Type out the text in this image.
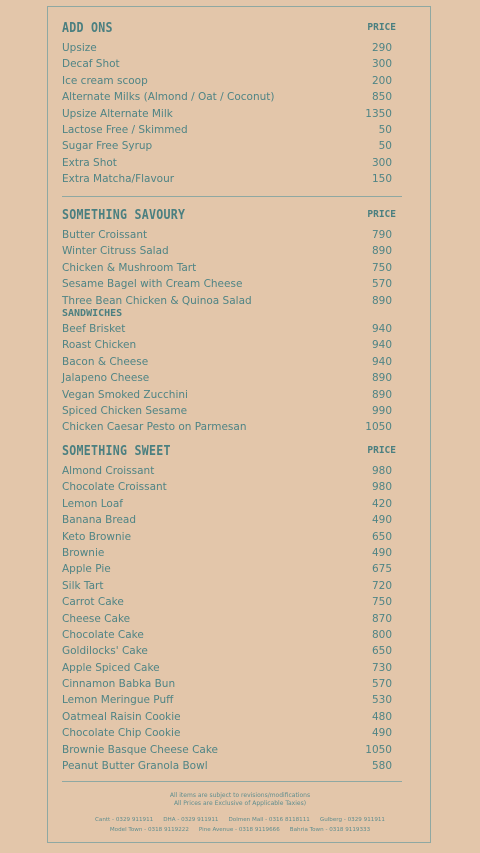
ADD ONS	PRICE
Upsize	290
Decaf Shot	300
Ice cream scoop	200
Alternate Milks (Almond / Oat / Coconut)	850
Upsize Alternate Milk	1350
Lactose Free / Skimmed	50
Sugar Free Syrup	50
Extra Shot	300
Extra Matcha/Flavour	150
SOMETHING SAVOURY	PRICE
Butter Croissant	790
Winter Citruss Salad	890
Chicken & Mushroom Tart	750
Sesame Bagel with Cream Cheese	570
Three Bean Chicken & Quinoa Salad	890
SANDWICHES
Beef Brisket	940
Roast Chicken	940
Bacon & Cheese	940
Jalapeno Cheese	890
Vegan Smoked Zucchini	890
Spiced Chicken Sesame	990
Chicken Caesar Pesto on Parmesan	1050
SOMETHING SWEET	PRICE
Almond Croissant	980
Chocolate Croissant	980
Lemon Loaf	420
Banana Bread	490
Keto Brownie	650
Brownie	490
Apple Pie	675
Silk Tart	720
Carrot Cake	750
Cheese Cake	870
Chocolate Cake	800
Goldilocks' Cake	650
Apple Spiced Cake	730
Cinnamon Babka Bun	570
Lemon Meringue Puff	530
Oatmeal Raisin Cookie	480
Chocolate Chip Cookie	490
Brownie Basque Cheese Cake	1050
Peanut Butter Granola Bowl	580
All items are subject to revisions/modifications
All Prices are Exclusive of Applicable Taxies)
Cantt - 0329 911911 DHA - 0329 911911 Dolmen Mall - 0316 8118111 Gulberg - 0329 911911
Model Town - 0318 9119222 Pine Avenue - 0318 9119666 Bahria Town - 0318 9119333
